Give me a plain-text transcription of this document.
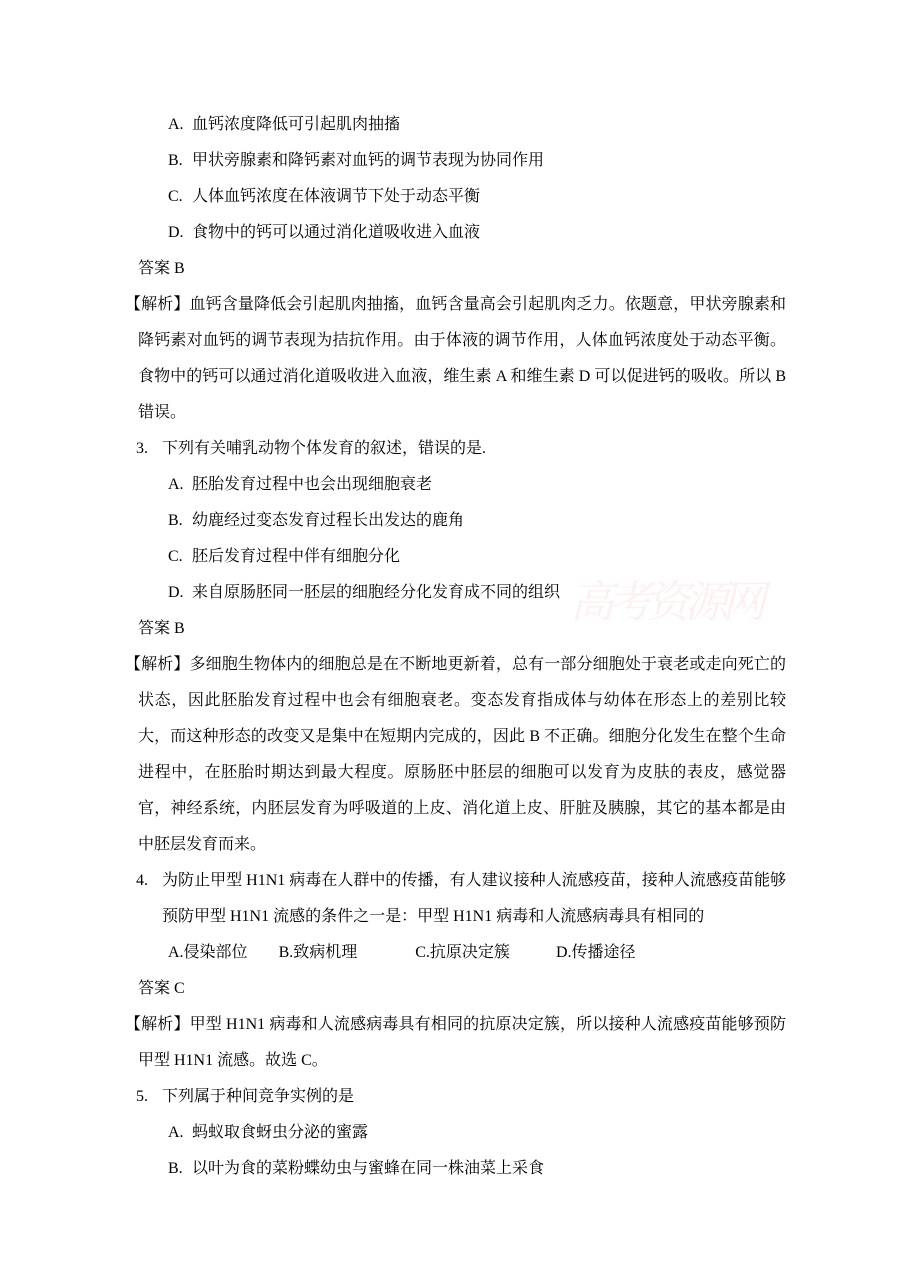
高考资源网
A. 血钙浓度降低可引起肌肉抽搐
B. 甲状旁腺素和降钙素对血钙的调节表现为协同作用
C. 人体血钙浓度在体液调节下处于动态平衡
D. 食物中的钙可以通过消化道吸收进入血液
答案 B
【解析】血钙含量降低会引起肌肉抽搐，血钙含量高会引起肌肉乏力。依题意，甲状旁腺素和降钙素对血钙的调节表现为拮抗作用。由于体液的调节作用，人体血钙浓度处于动态平衡。食物中的钙可以通过消化道吸收进入血液，维生素 A 和维生素 D 可以促进钙的吸收。所以 B 错误。
3. 下列有关哺乳动物个体发育的叙述，错误的是.
A. 胚胎发育过程中也会出现细胞衰老
B. 幼鹿经过变态发育过程长出发达的鹿角
C. 胚后发育过程中伴有细胞分化
D. 来自原肠胚同一胚层的细胞经分化发育成不同的组织
答案 B
【解析】多细胞生物体内的细胞总是在不断地更新着，总有一部分细胞处于衰老或走向死亡的状态，因此胚胎发育过程中也会有细胞衰老。变态发育指成体与幼体在形态上的差别比较大，而这种形态的改变又是集中在短期内完成的，因此 B 不正确。细胞分化发生在整个生命进程中，在胚胎时期达到最大程度。原肠胚中胚层的细胞可以发育为皮肤的表皮，感觉器官，神经系统，内胚层发育为呼吸道的上皮、消化道上皮、肝脏及胰腺，其它的基本都是由中胚层发育而来。
4. 为防止甲型 H1N1 病毒在人群中的传播，有人建议接种人流感疫苗，接种人流感疫苗能够预防甲型 H1N1 流感的条件之一是：甲型 H1N1 病毒和人流感病毒具有相同的
A.侵染部位 B.致病机理	C.抗原决定簇	D.传播途径
答案 C
【解析】甲型 H1N1 病毒和人流感病毒具有相同的抗原决定簇，所以接种人流感疫苗能够预防甲型 H1N1 流感。故选 C。
5. 下列属于种间竞争实例的是
A. 蚂蚁取食蚜虫分泌的蜜露
B. 以叶为食的菜粉蝶幼虫与蜜蜂在同一株油菜上采食
